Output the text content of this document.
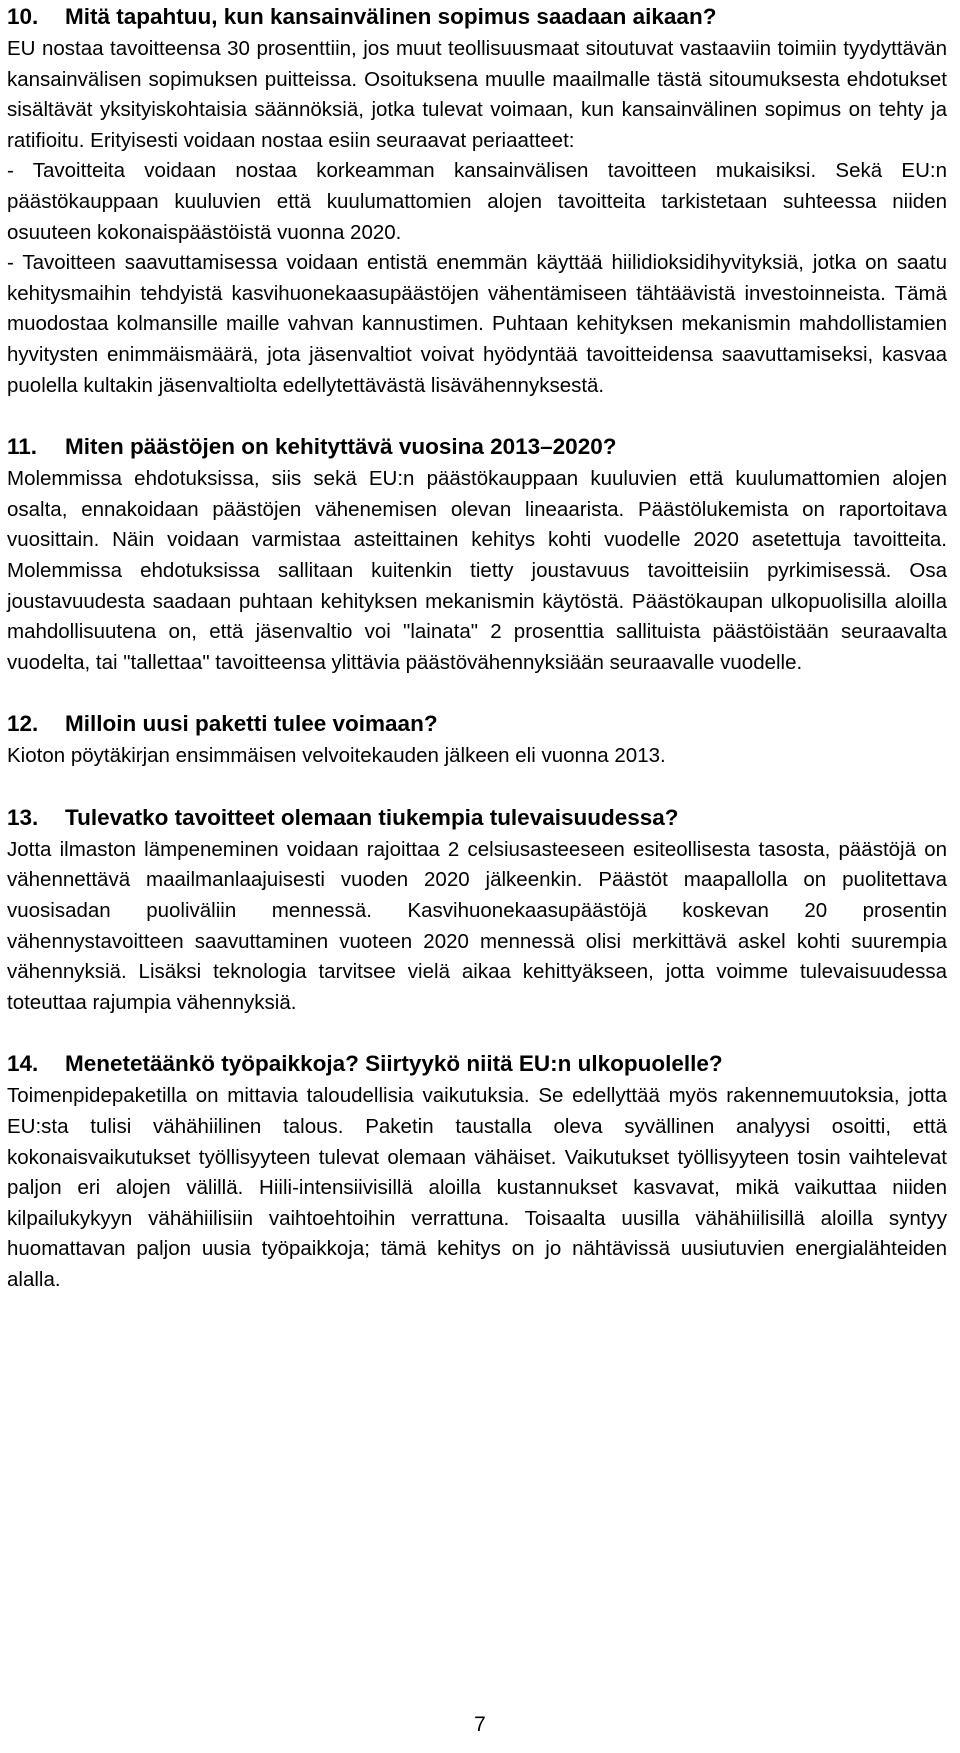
10. Mitä tapahtuu, kun kansainvälinen sopimus saadaan aikaan?

EU nostaa tavoitteensa 30 prosenttiin, jos muut teollisuusmaat sitoutuvat vastaaviin toimiin tyydyttävän kansainvälisen sopimuksen puitteissa. Osoituksena muulle maailmalle tästä sitoumuksesta ehdotukset sisältävät yksityiskohtaisia säännöksiä, jotka tulevat voimaan, kun kansainvälinen sopimus on tehty ja ratifioitu. Erityisesti voidaan nostaa esiin seuraavat periaatteet:

- Tavoitteita voidaan nostaa korkeamman kansainvälisen tavoitteen mukaisiksi. Sekä EU:n päästökauppaan kuuluvien että kuulumattomien alojen tavoitteita tarkistetaan suhteessa niiden osuuteen kokonaispäästöistä vuonna 2020.

- Tavoitteen saavuttamisessa voidaan entistä enemmän käyttää hiilidioksidihyvityksiä, jotka on saatu kehitysmaihin tehdyistä kasvihuonekaasupäästöjen vähentämiseen tähtäävistä investoinneista. Tämä muodostaa kolmansille maille vahvan kannustimen. Puhtaan kehityksen mekanismin mahdollistamien hyvitysten enimmäismäärä, jota jäsenvaltiot voivat hyödyntää tavoitteidensa saavuttamiseksi, kasvaa puolella kultakin jäsenvaltiolta edellytettävästä lisävähennyksestä.

11. Miten päästöjen on kehityttävä vuosina 2013–2020?

Molemmissa ehdotuksissa, siis sekä EU:n päästökauppaan kuuluvien että kuulumattomien alojen osalta, ennakoidaan päästöjen vähenemisen olevan lineaarista. Päästölukemista on raportoitava vuosittain. Näin voidaan varmistaa asteittainen kehitys kohti vuodelle 2020 asetettuja tavoitteita. Molemmissa ehdotuksissa sallitaan kuitenkin tietty joustavuus tavoitteisiin pyrkimisessä. Osa joustavuudesta saadaan puhtaan kehityksen mekanismin käytöstä. Päästökaupan ulkopuolisilla aloilla mahdollisuutena on, että jäsenvaltio voi "lainata" 2 prosenttia sallituista päästöistään seuraavalta vuodelta, tai "tallettaa" tavoitteensa ylittävia päästövähennyksiään seuraavalle vuodelle.

12. Milloin uusi paketti tulee voimaan?

Kioton pöytäkirjan ensimmäisen velvoitekauden jälkeen eli vuonna 2013.

13. Tulevatko tavoitteet olemaan tiukempia tulevaisuudessa?

Jotta ilmaston lämpeneminen voidaan rajoittaa 2 celsiusasteeseen esiteollisesta tasosta, päästöjä on vähennettävä maailmanlaajuisesti vuoden 2020 jälkeenkin. Päästöt maapallolla on puolitettava vuosisadan puoliväliin mennessä. Kasvihuonekaasupäästöjä koskevan 20 prosentin vähennystavoitteen saavuttaminen vuoteen 2020 mennessä olisi merkittävä askel kohti suurempia vähennyksiä. Lisäksi teknologia tarvitsee vielä aikaa kehittyäkseen, jotta voimme tulevaisuudessa toteuttaa rajumpia vähennyksiä.

14. Menetetäänkö työpaikkoja? Siirtyykö niitä EU:n ulkopuolelle?

Toimenpidepaketilla on mittavia taloudellisia vaikutuksia. Se edellyttää myös rakennemuutoksia, jotta EU:sta tulisi vähähiilinen talous. Paketin taustalla oleva syvällinen analyysi osoitti, että kokonaisvaikutukset työllisyyteen tulevat olemaan vähäiset. Vaikutukset työllisyyteen tosin vaihtelevat paljon eri alojen välillä. Hiili-intensiivisillä aloilla kustannukset kasvavat, mikä vaikuttaa niiden kilpailukykyyn vähähiilisiin vaihtoehtoihin verrattuna. Toisaalta uusilla vähähiilisillä aloilla syntyy huomattavan paljon uusia työpaikkoja; tämä kehitys on jo nähtävissä uusiutuvien energialähteiden alalla.

7
